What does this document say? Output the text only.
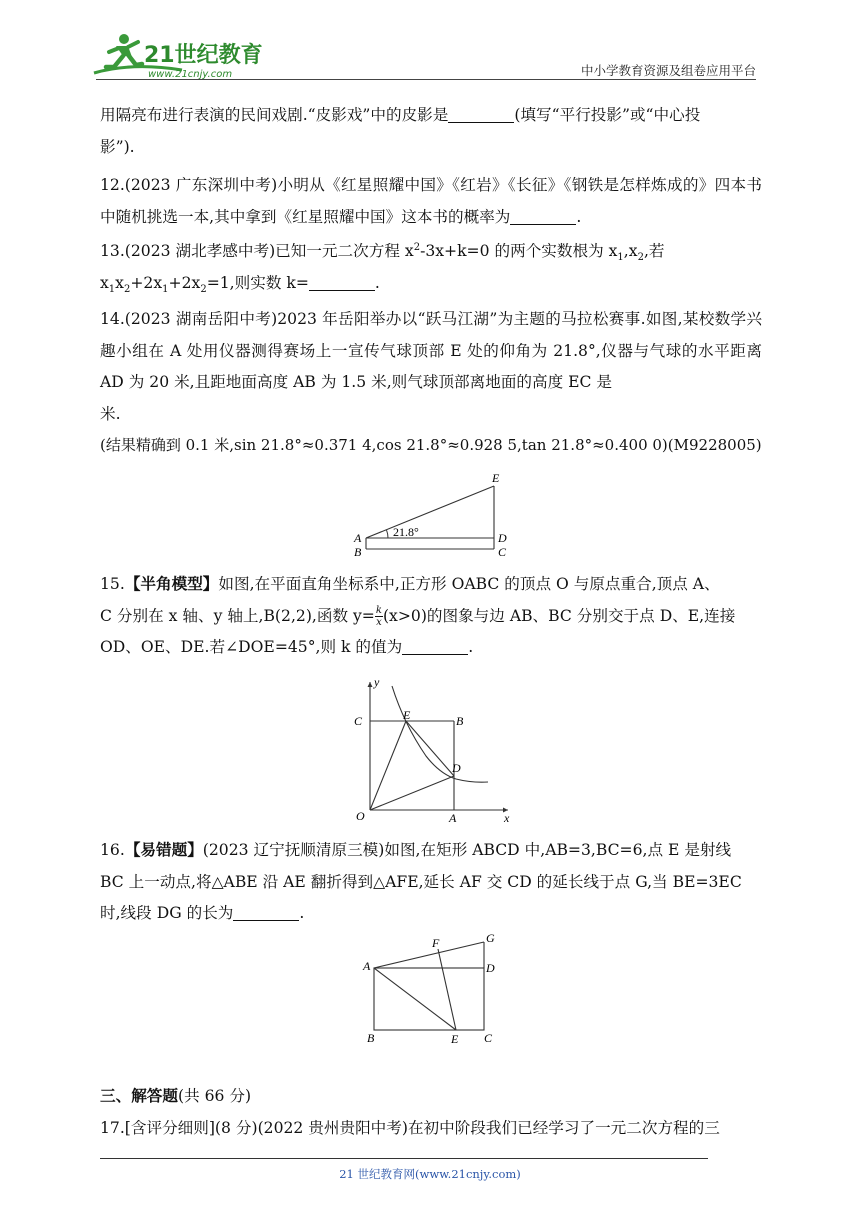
21世纪教育
www.21cnjy.com	中小学教育资源及组卷应用平台

用隔亮布进行表演的民间戏剧.“皮影戏”中的皮影是	(填写“平行投影”或“中心投

影”).

12.(2023 广东深圳中考)小明从《红星照耀中国》《红岩》《长征》《钢铁是怎样炼成的》四本书中随机挑选一本,其中拿到《红星照耀中国》这本书的概率为	.

13.(2023 湖北孝感中考)已知一元二次方程 $x^2-3x+k=0$ 的两个实数根为 $x_1,x_2$,若

$x_1x_2+2x_1+2x_2=1$,则实数 k=	.

14.(2023 湖南岳阳中考)2023 年岳阳举办以“跃马江湖”为主题的马拉松赛事.如图,某校数学兴趣小组在 A 处用仪器测得赛场上一宣传气球顶部 E 处的仰角为 21.8°,仪器与气球的水平距离 AD 为 20 米,且距地面高度 AB 为 1.5 米,则气球顶部离地面的高度 EC 是

米.

(结果精确到 0.1 米,sin 21.8°≈0.371 4,cos 21.8°≈0.928 5,tan 21.8°≈0.400 0)(M9228005)

21.8°
A
B	C
D
E

15.【半角模型】如图,在平面直角坐标系中,正方形 OABC 的顶点 O 与原点重合,顶点 A、

C 分别在 x 轴、y 轴上,B(2,2),函数 $y= \frac{k}{x} (x>0)$的图象与边 AB、BC 分别交于点 D、E,连接

OD、OE、DE.若∠DOE=45°,则 k 的值为	.

y
C	E	B
D
O	A	x

16.【易错题】(2023 辽宁抚顺清原三模)如图,在矩形 ABCD 中,AB=3,BC=6,点 E 是射线

BC 上一动点,将△ABE 沿 AE 翻折得到△AFE,延长 AF 交 CD 的延长线于点 G,当 BE=3EC

时,线段 DG 的长为	.

F	G
A	D
B	E C

三、解答题(共 66 分)

17.[含评分细则](8 分)(2022 贵州贵阳中考)在初中阶段我们已经学习了一元二次方程的三

21 世纪教育网(www.21cnjy.com)
